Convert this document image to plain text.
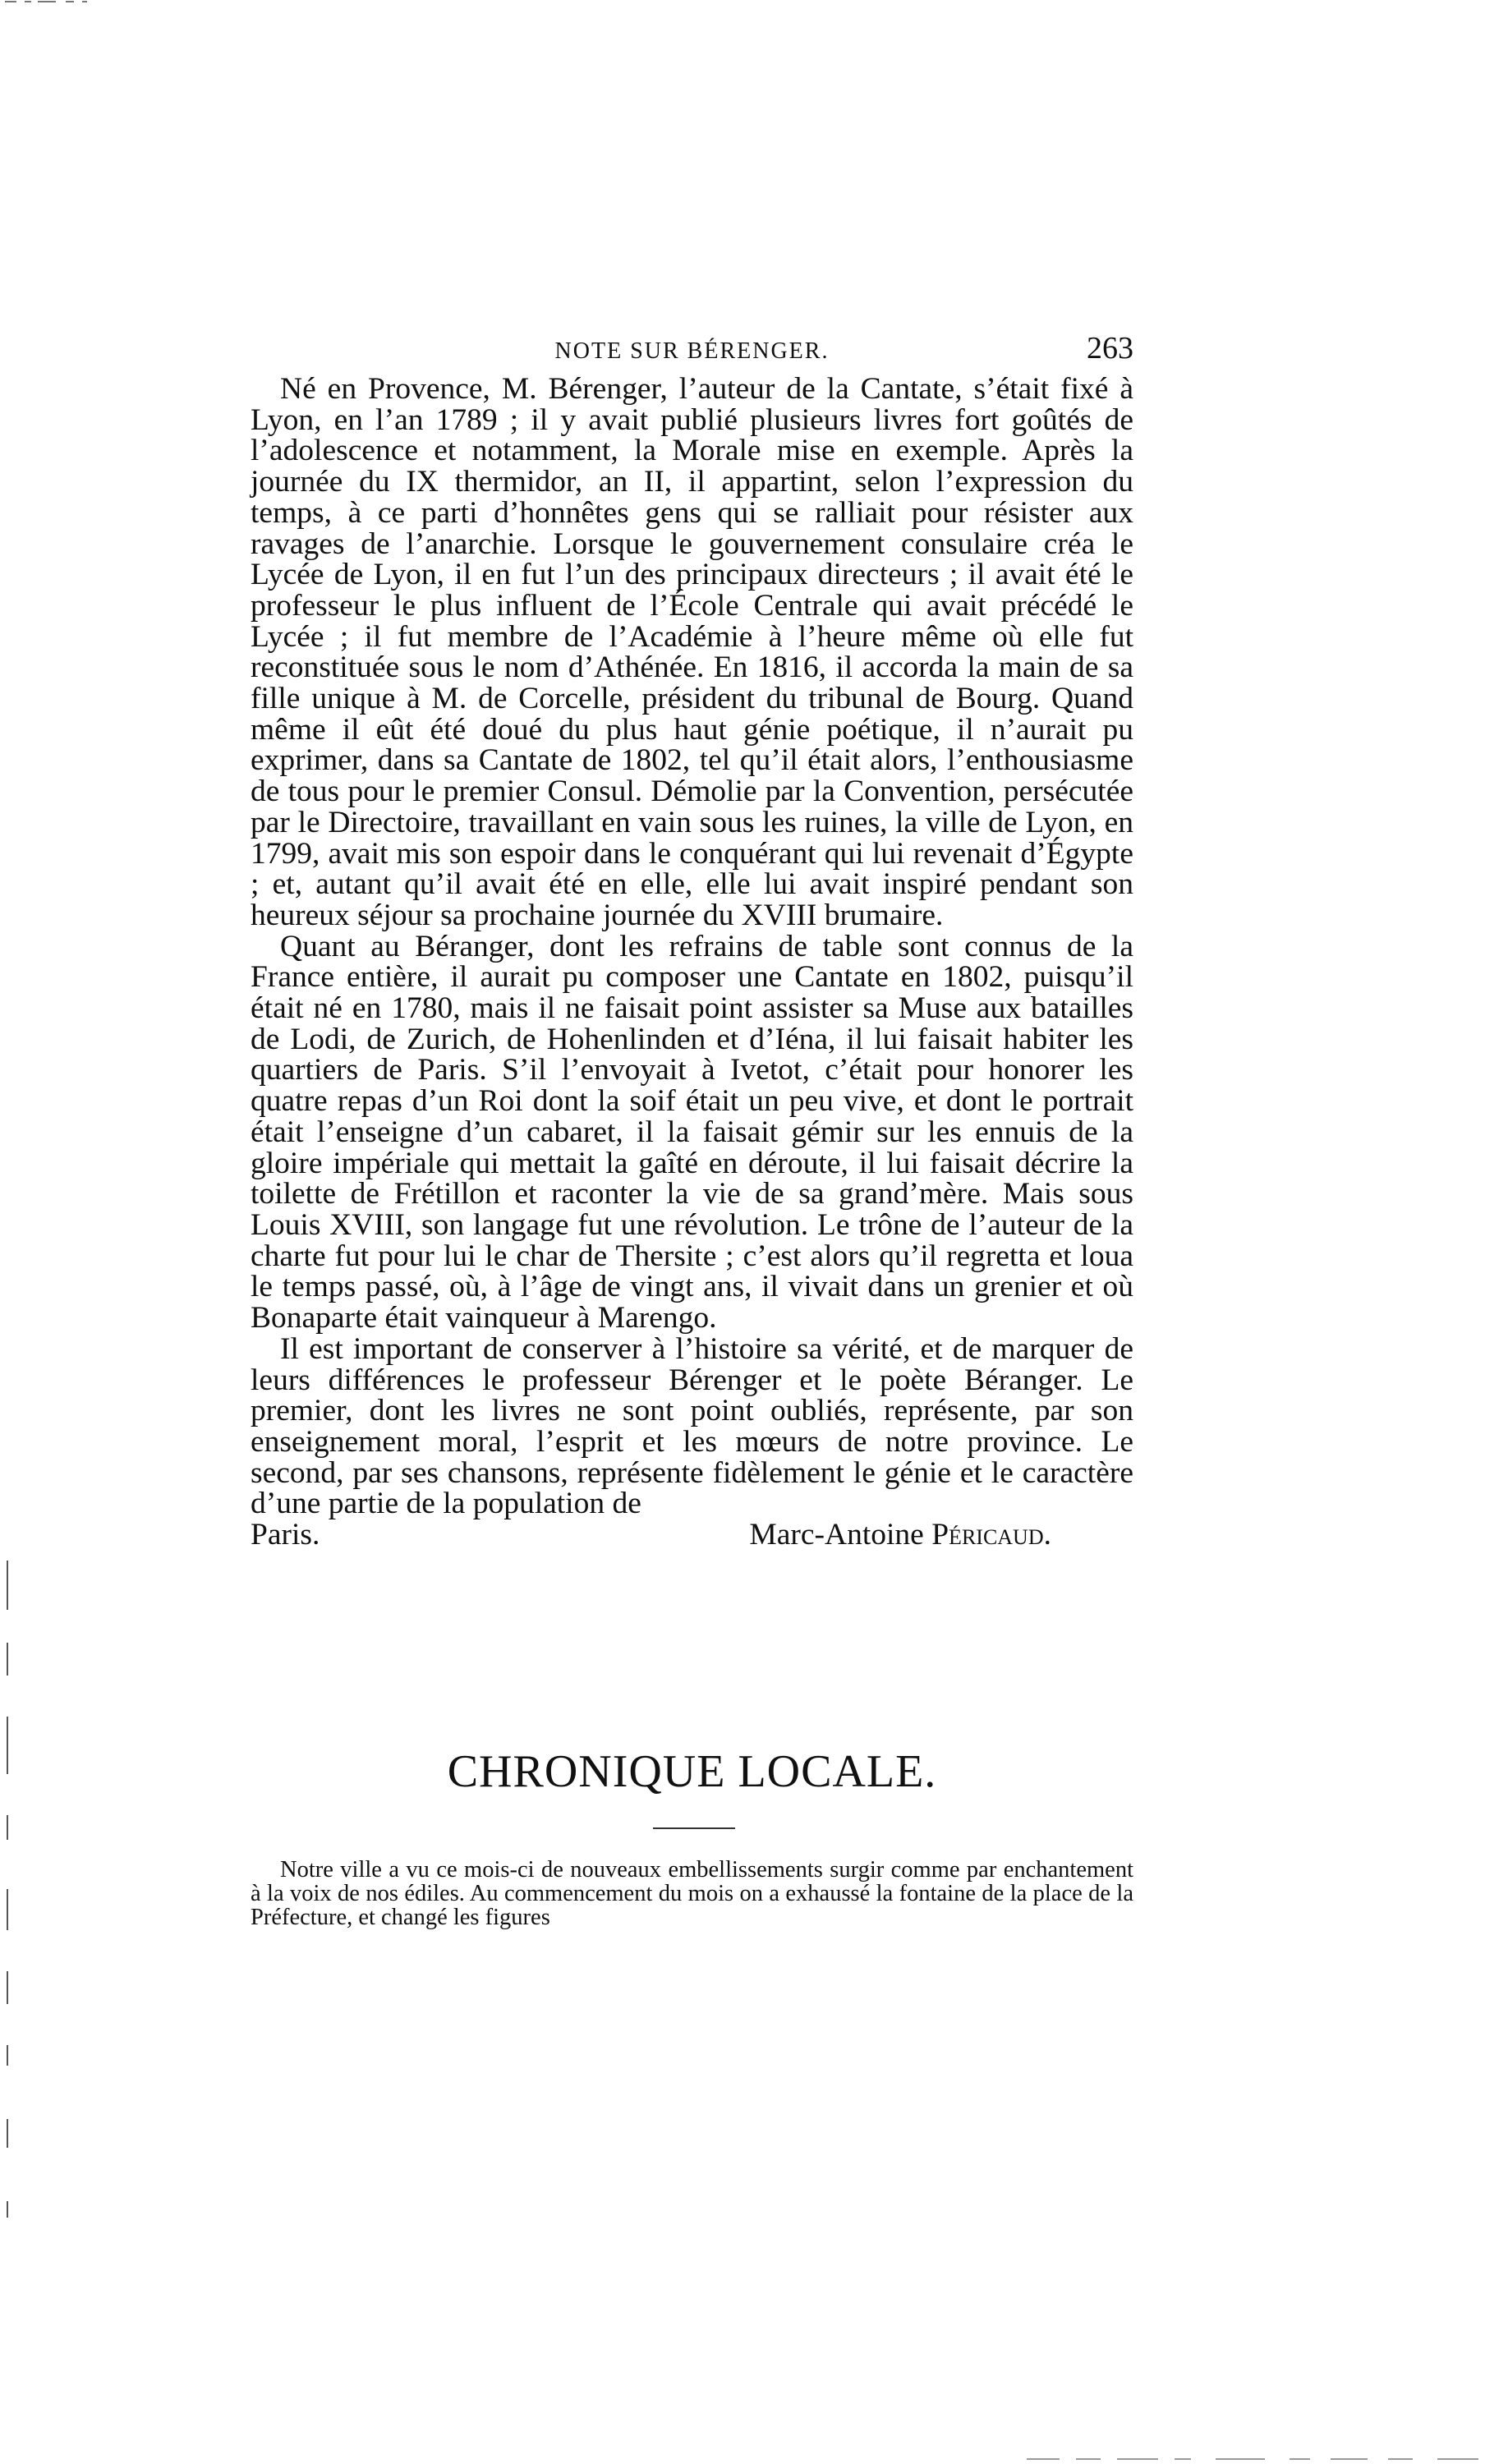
NOTE SUR BÉRENGER.	263

Né en Provence, M. Bérenger, l’auteur de la Cantate, s’était fixé à Lyon, en l’an 1789 ; il y avait publié plusieurs livres fort goûtés de l’adolescence et notamment, la Morale mise en exemple. Après la journée du IX thermidor, an II, il appartint, selon l’expression du temps, à ce parti d’honnêtes gens qui se ralliait pour résister aux ravages de l’anarchie. Lorsque le gouvernement consulaire créa le Lycée de Lyon, il en fut l’un des principaux directeurs ; il avait été le professeur le plus influent de l’École Centrale qui avait précédé le Lycée ; il fut membre de l’Académie à l’heure même où elle fut reconstituée sous le nom d’Athénée. En 1816, il accorda la main de sa fille unique à M. de Corcelle, président du tribunal de Bourg. Quand même il eût été doué du plus haut génie poétique, il n’aurait pu exprimer, dans sa Cantate de 1802, tel qu’il était alors, l’enthousiasme de tous pour le premier Consul. Démolie par la Convention, persécutée par le Directoire, travaillant en vain sous les ruines, la ville de Lyon, en 1799, avait mis son espoir dans le conquérant qui lui revenait d’Égypte ; et, autant qu’il avait été en elle, elle lui avait inspiré pendant son heureux séjour sa prochaine journée du XVIII brumaire.

Quant au Béranger, dont les refrains de table sont connus de la France entière, il aurait pu composer une Cantate en 1802, puisqu’il était né en 1780, mais il ne faisait point assister sa Muse aux batailles de Lodi, de Zurich, de Hohenlinden et d’Iéna, il lui faisait habiter les quartiers de Paris. S’il l’envoyait à Ivetot, c’était pour honorer les quatre repas d’un Roi dont la soif était un peu vive, et dont le portrait était l’enseigne d’un cabaret, il la faisait gémir sur les ennuis de la gloire impériale qui mettait la gaîté en déroute, il lui faisait décrire la toilette de Frétillon et raconter la vie de sa grand’mère. Mais sous Louis XVIII, son langage fut une révolution. Le trône de l’auteur de la charte fut pour lui le char de Thersite ; c’est alors qu’il regretta et loua le temps passé, où, à l’âge de vingt ans, il vivait dans un grenier et où Bonaparte était vainqueur à Marengo.

Il est important de conserver à l’histoire sa vérité, et de marquer de leurs différences le professeur Bérenger et le poète Béranger. Le premier, dont les livres ne sont point oubliés, représente, par son enseignement moral, l’esprit et les mœurs de notre province. Le second, par ses chansons, représente fidèlement le génie et le caractère d’une partie de la population de

Paris.	Marc-Antoine Péricaud.
CHRONIQUE LOCALE.

Notre ville a vu ce mois-ci de nouveaux embellissements surgir comme par enchantement à la voix de nos édiles. Au commencement du mois on a exhaussé la fontaine de la place de la Préfecture, et changé les figures
